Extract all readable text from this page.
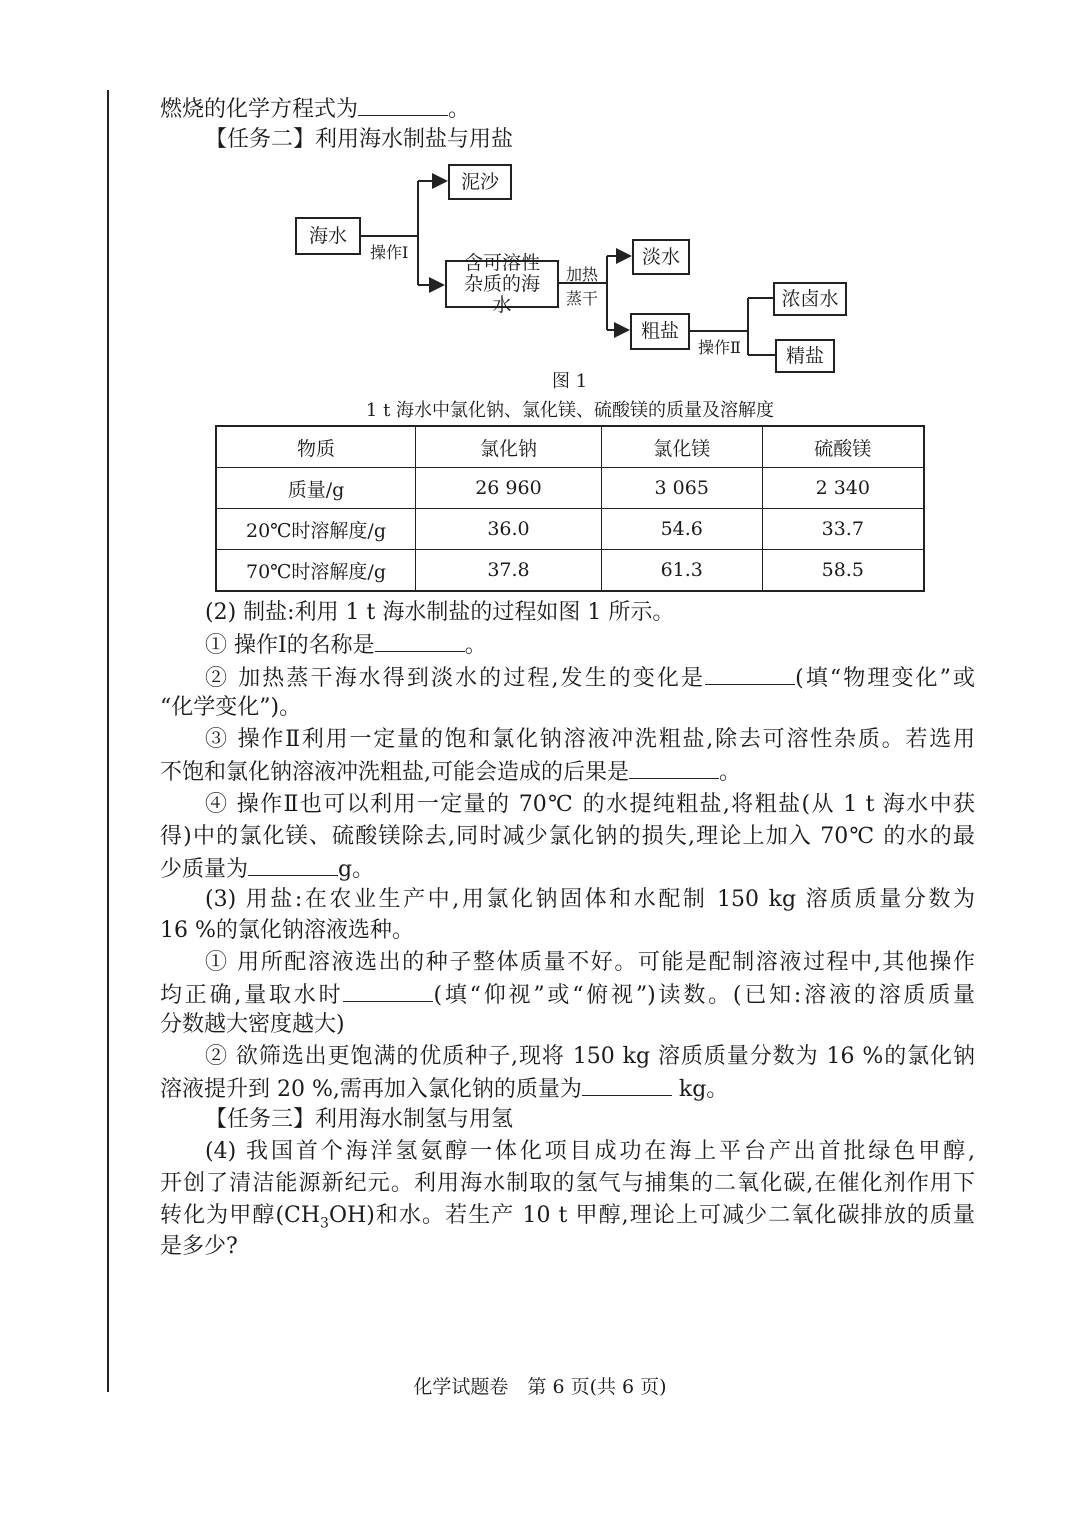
燃烧的化学方程式为	。
【任务二】利用海水制盐与用盐
(2) 制盐:利用 1 t 海水制盐的过程如图 1 所示。
① 操作Ⅰ的名称是	。
② 加热蒸干海水得到淡水的过程,发生的变化是	(填“物理变化”或
“化学变化”)。
③ 操作Ⅱ利用一定量的饱和氯化钠溶液冲洗粗盐,除去可溶性杂质。若选用
不饱和氯化钠溶液冲洗粗盐,可能会造成的后果是	。
④ 操作Ⅱ也可以利用一定量的 70℃ 的水提纯粗盐,将粗盐(从 1 t 海水中获
得)中的氯化镁、硫酸镁除去,同时减少氯化钠的损失,理论上加入 70℃ 的水的最
少质量为	g。
(3) 用盐:在农业生产中,用氯化钠固体和水配制 150 kg 溶质质量分数为
16 %的氯化钠溶液选种。
① 用所配溶液选出的种子整体质量不好。可能是配制溶液过程中,其他操作
均正确,量取水时	(填“仰视”或“俯视”)读数。(已知:溶液的溶质质量
分数越大密度越大)
② 欲筛选出更饱满的优质种子,现将 150 kg 溶质质量分数为 16 %的氯化钠
溶液提升到 20 %,需再加入氯化钠的质量为	kg。
【任务三】利用海水制氢与用氢
(4) 我国首个海洋氢氨醇一体化项目成功在海上平台产出首批绿色甲醇,
开创了清洁能源新纪元。利用海水制取的氢气与捕集的二氧化碳,在催化剂作用下
转化为甲醇$(CH_3OH)$和水。若生产 10 t 甲醇,理论上可减少二氧化碳排放的质量
是多少?
海水
泥沙
含可溶性杂质的海水
淡水
粗盐
浓卤水
精盐
操作Ⅰ
加热
蒸干
操作Ⅱ
图 1
1 t 海水中氯化钠、氯化镁、硫酸镁的质量及溶解度
物质	氯化钠	氯化镁	硫酸镁
质量/g	26 960	3 065	2 340
20℃时溶解度/g	36.0	54.6	33.7
70℃时溶解度/g	37.8	61.3	58.5
化学试题卷　第 6 页(共 6 页)
